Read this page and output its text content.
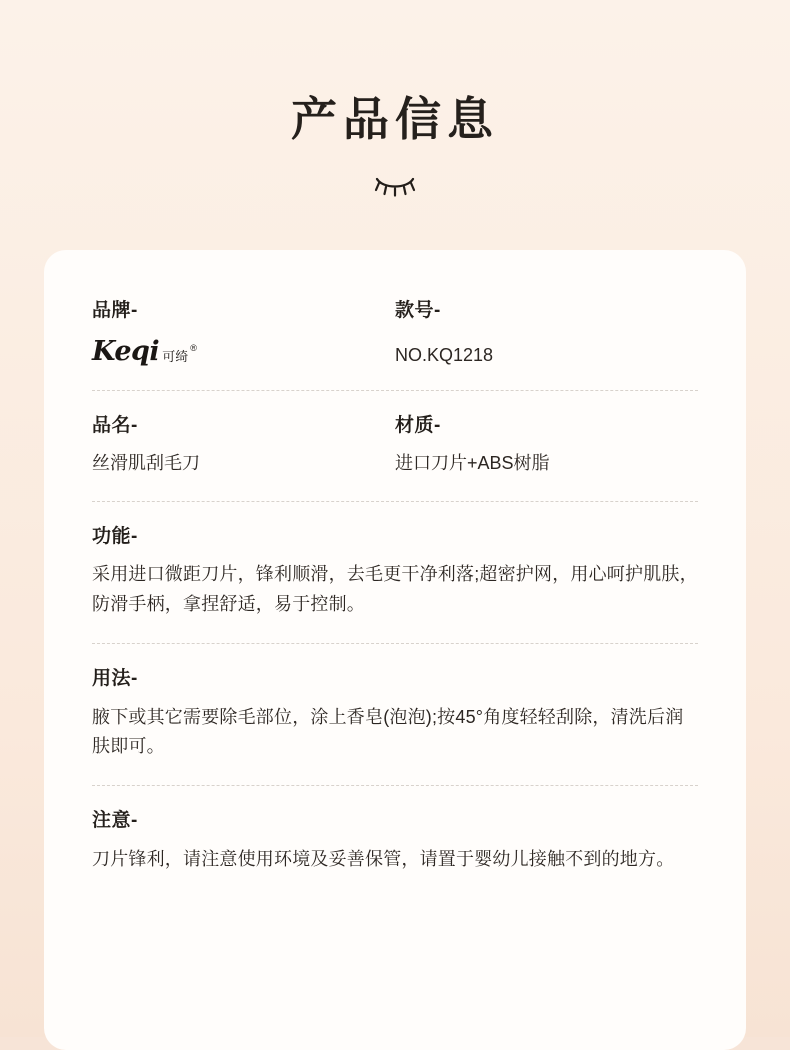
产品信息
品牌-
Keqi 可绮
®
款号-
NO.KQ1218
品名-
丝滑肌刮毛刀
材质-
进口刀片+ABS树脂
功能-
采用进口微距刀片，锋利顺滑，去毛更干净利落;超密护网，用心呵护肌肤，防滑手柄，拿捏舒适，易于控制。
用法-
腋下或其它需要除毛部位，涂上香皂(泡泡);按45°角度轻轻刮除，清洗后润肤即可。
注意-
刀片锋利，请注意使用环境及妥善保管，请置于婴幼儿接触不到的地方。
